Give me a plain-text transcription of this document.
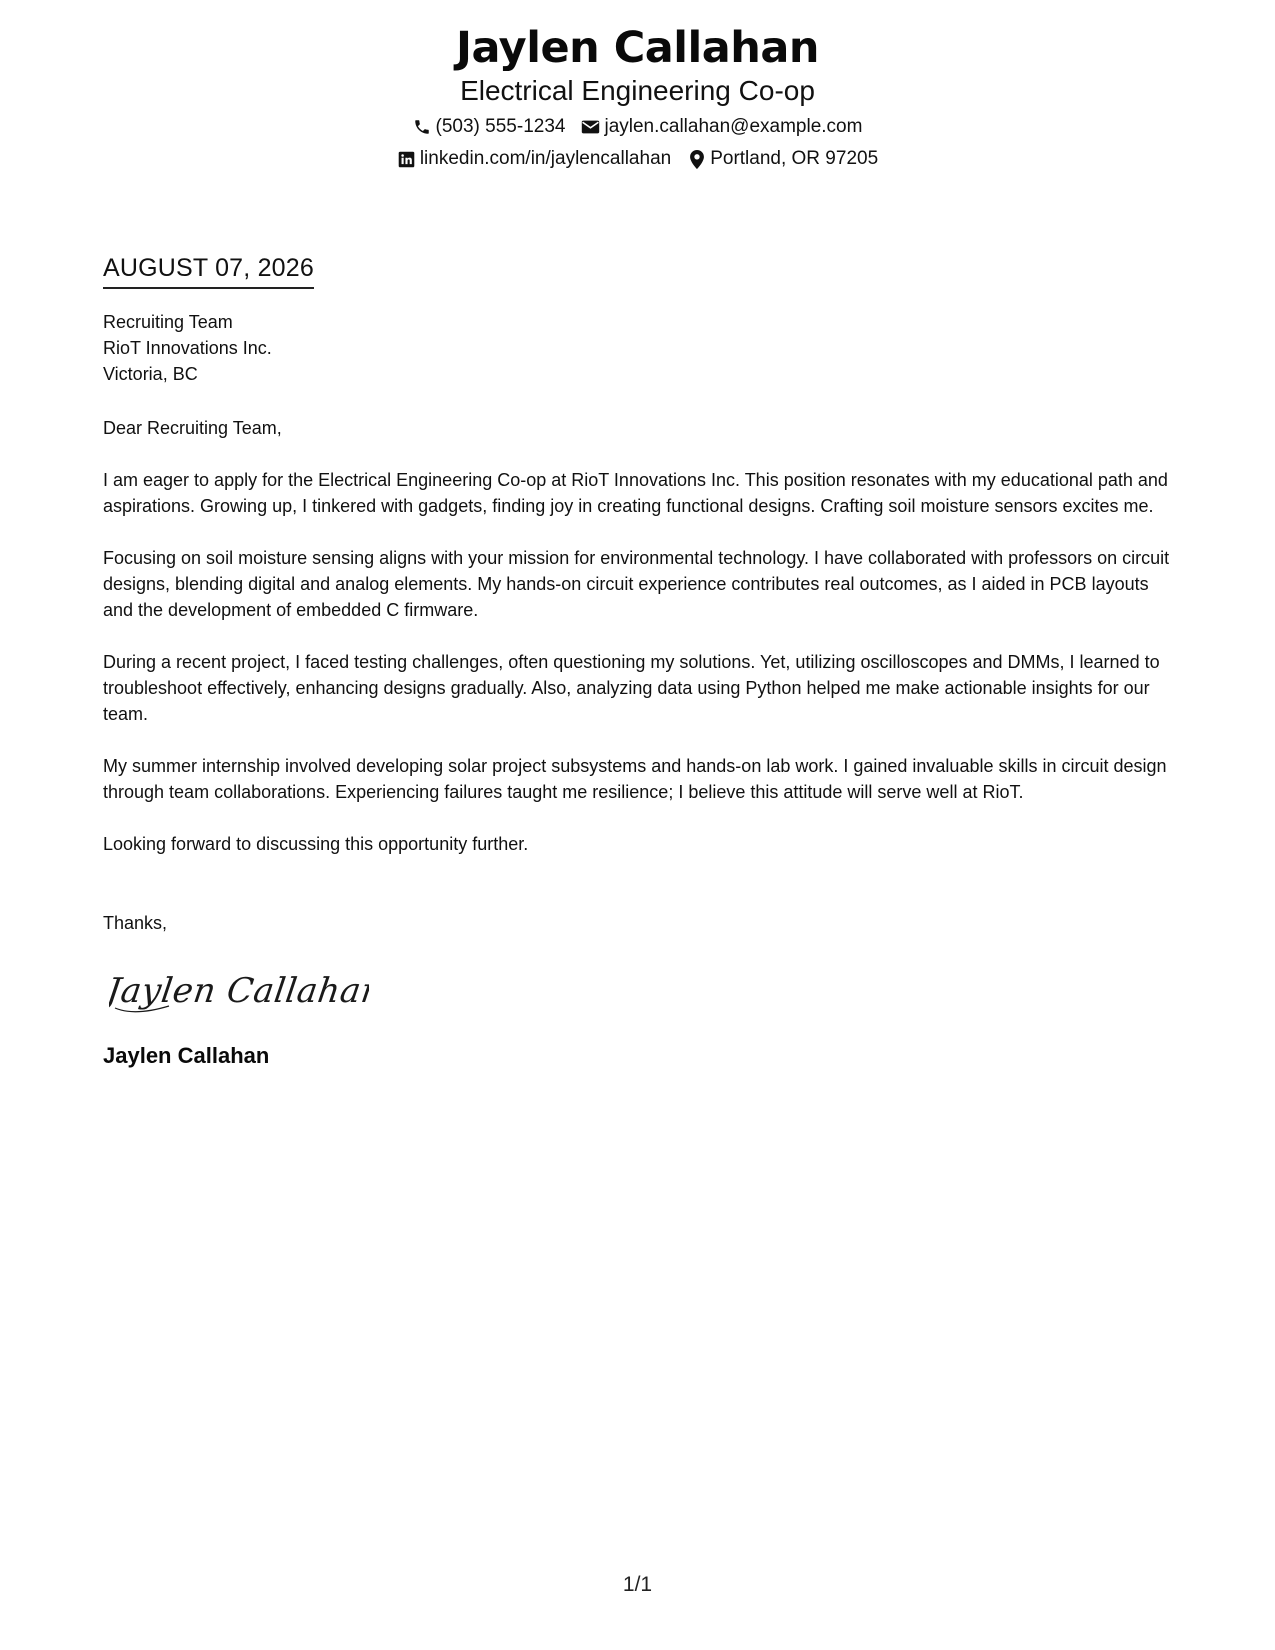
Jaylen Callahan
Electrical Engineering Co-op
(503) 555-1234 jaylen.callahan@example.com
linkedin.com/in/jaylencallahan Portland, OR 97205
AUGUST 07, 2026
Recruiting Team
RioT Innovations Inc.
Victoria, BC
Dear Recruiting Team,
I am eager to apply for the Electrical Engineering Co-op at RioT Innovations Inc. This position resonates with my educational path and aspirations. Growing up, I tinkered with gadgets, finding joy in creating functional designs. Crafting soil moisture sensors excites me.
Focusing on soil moisture sensing aligns with your mission for environmental technology. I have collaborated with professors on circuit designs, blending digital and analog elements. My hands-on circuit experience contributes real outcomes, as I aided in PCB layouts and the development of embedded C firmware.
During a recent project, I faced testing challenges, often questioning my solutions. Yet, utilizing oscilloscopes and DMMs, I learned to troubleshoot effectively, enhancing designs gradually. Also, analyzing data using Python helped me make actionable insights for our team.
My summer internship involved developing solar project subsystems and hands-on lab work. I gained invaluable skills in circuit design through team collaborations. Experiencing failures taught me resilience; I believe this attitude will serve well at RioT.
Looking forward to discussing this opportunity further.
Thanks,
Jaylen Callahan
Jaylen Callahan
1/1
